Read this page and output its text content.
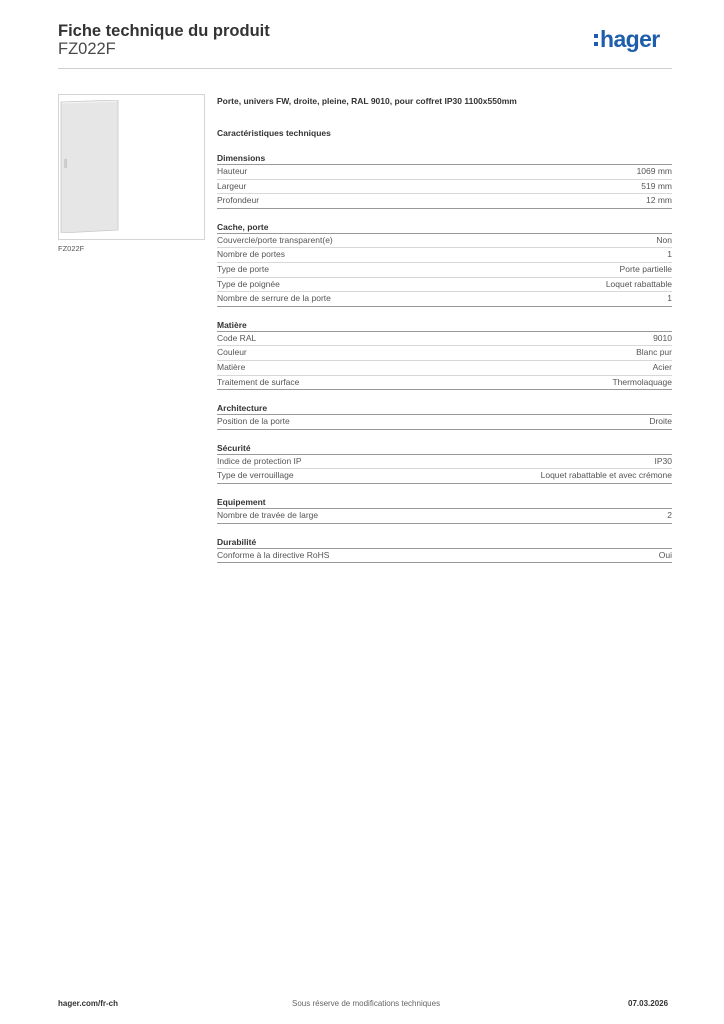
Fiche technique du produit
FZ022F	hager
FZ022F
Porte, univers FW, droite, pleine, RAL 9010, pour coffret IP30 1100x550mm
Caractéristiques techniques
Dimensions
Hauteur	1069 mm
Largeur	519 mm
Profondeur	12 mm
Cache, porte
Couvercle/porte transparent(e)	Non
Nombre de portes	1
Type de porte	Porte partielle
Type de poignée	Loquet rabattable
Nombre de serrure de la porte	1
Matière
Code RAL	9010
Couleur	Blanc pur
Matière	Acier
Traitement de surface	Thermolaquage
Architecture
Position de la porte	Droite
Sécurité
Indice de protection IP	IP30
Type de verrouillage	Loquet rabattable et avec crémone
Equipement
Nombre de travée de large	2
Durabilité
Conforme à la directive RoHS	Oui
hager.com/fr-ch	Sous réserve de modifications techniques	07.03.2026
